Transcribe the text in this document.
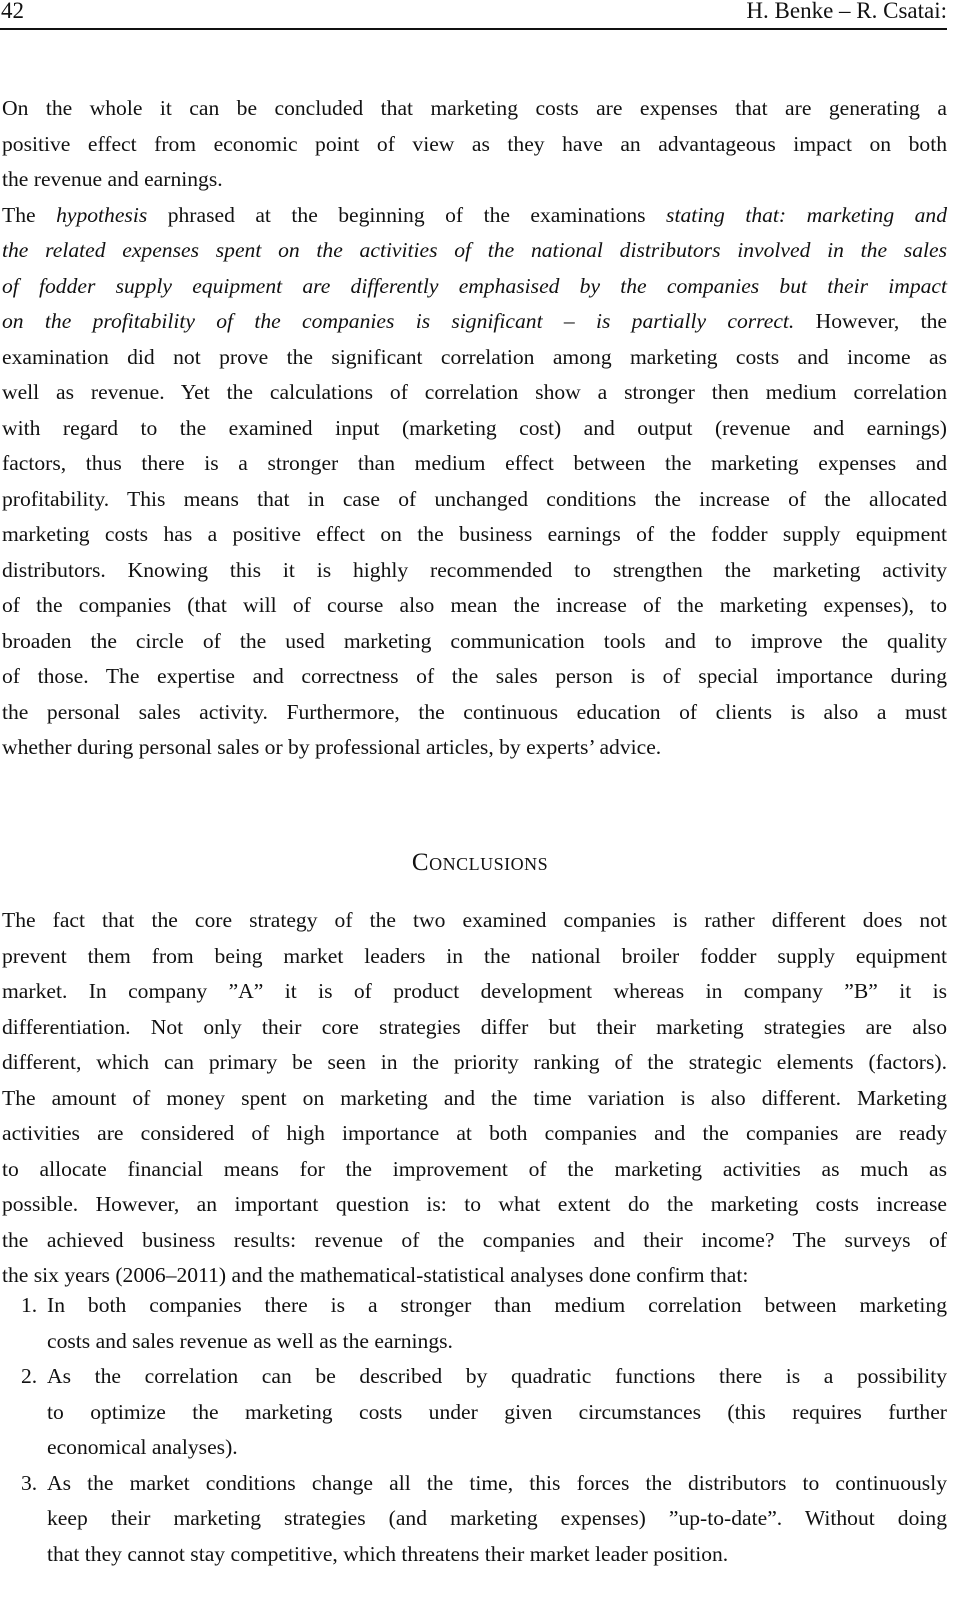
42	H. Benke – R. Csatai:

On the whole it can be concluded that marketing costs are expenses that are generating a
positive effect from economic point of view as they have an advantageous impact on both
the revenue and earnings.

The hypothesis phrased at the beginning of the examinations stating that: marketing and
the related expenses spent on the activities of the national distributors involved in the sales
of fodder supply equipment are differently emphasised by the companies but their impact
on the profitability of the companies is significant – is partially correct. However, the
examination did not prove the significant correlation among marketing costs and income as
well as revenue. Yet the calculations of correlation show a stronger then medium correlation
with regard to the examined input (marketing cost) and output (revenue and earnings)
factors, thus there is a stronger than medium effect between the marketing expenses and
profitability. This means that in case of unchanged conditions the increase of the allocated
marketing costs has a positive effect on the business earnings of the fodder supply equipment
distributors. Knowing this it is highly recommended to strengthen the marketing activity
of the companies (that will of course also mean the increase of the marketing expenses), to
broaden the circle of the used marketing communication tools and to improve the quality
of those. The expertise and correctness of the sales person is of special importance during
the personal sales activity. Furthermore, the continuous education of clients is also a must
whether during personal sales or by professional articles, by experts’ advice.

Conclusions

The fact that the core strategy of the two examined companies is rather different does not
prevent them from being market leaders in the national broiler fodder supply equipment
market. In company ”A” it is of product development whereas in company ”B” it is
differentiation. Not only their core strategies differ but their marketing strategies are also
different, which can primary be seen in the priority ranking of the strategic elements (factors).
The amount of money spent on marketing and the time variation is also different. Marketing
activities are considered of high importance at both companies and the companies are ready
to allocate financial means for the improvement of the marketing activities as much as
possible. However, an important question is: to what extent do the marketing costs increase
the achieved business results: revenue of the companies and their income? The surveys of
the six years (2006–2011) and the mathematical-statistical analyses done confirm that:

1. In both companies there is a stronger than medium correlation between marketing
costs and sales revenue as well as the earnings.
2. As the correlation can be described by quadratic functions there is a possibility
to optimize the marketing costs under given circumstances (this requires further
economical analyses).
3. As the market conditions change all the time, this forces the distributors to continuously
keep their marketing strategies (and marketing expenses) ”up-to-date”. Without doing
that they cannot stay competitive, which threatens their market leader position.
